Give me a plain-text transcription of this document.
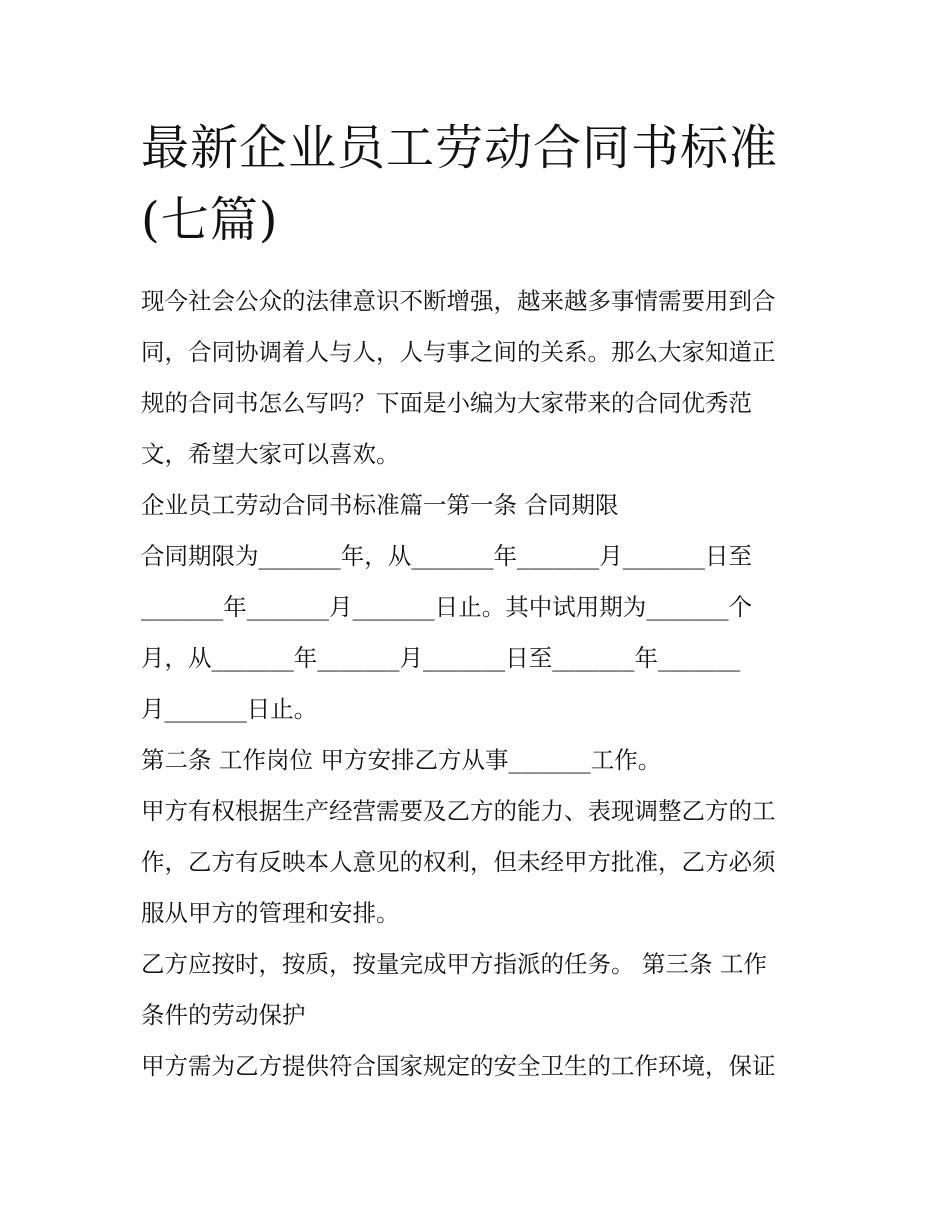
最新企业员工劳动合同书标准
(七篇)
现今社会公众的法律意识不断增强，越来越多事情需要用到合
同，合同协调着人与人，人与事之间的关系。那么大家知道正
规的合同书怎么写吗？下面是小编为大家带来的合同优秀范
文，希望大家可以喜欢。
企业员工劳动合同书标准篇一第一条 合同期限
合同期限为_______年，从_______年_______月_______日至
_______年_______月_______日止。其中试用期为_______个
月，从_______年_______月_______日至_______年_______
月_______日止。
第二条 工作岗位 甲方安排乙方从事_______工作。
甲方有权根据生产经营需要及乙方的能力、表现调整乙方的工
作，乙方有反映本人意见的权利，但未经甲方批准，乙方必须
服从甲方的管理和安排。
乙方应按时，按质，按量完成甲方指派的任务。 第三条 工作
条件的劳动保护
甲方需为乙方提供符合国家规定的安全卫生的工作环境，保证
